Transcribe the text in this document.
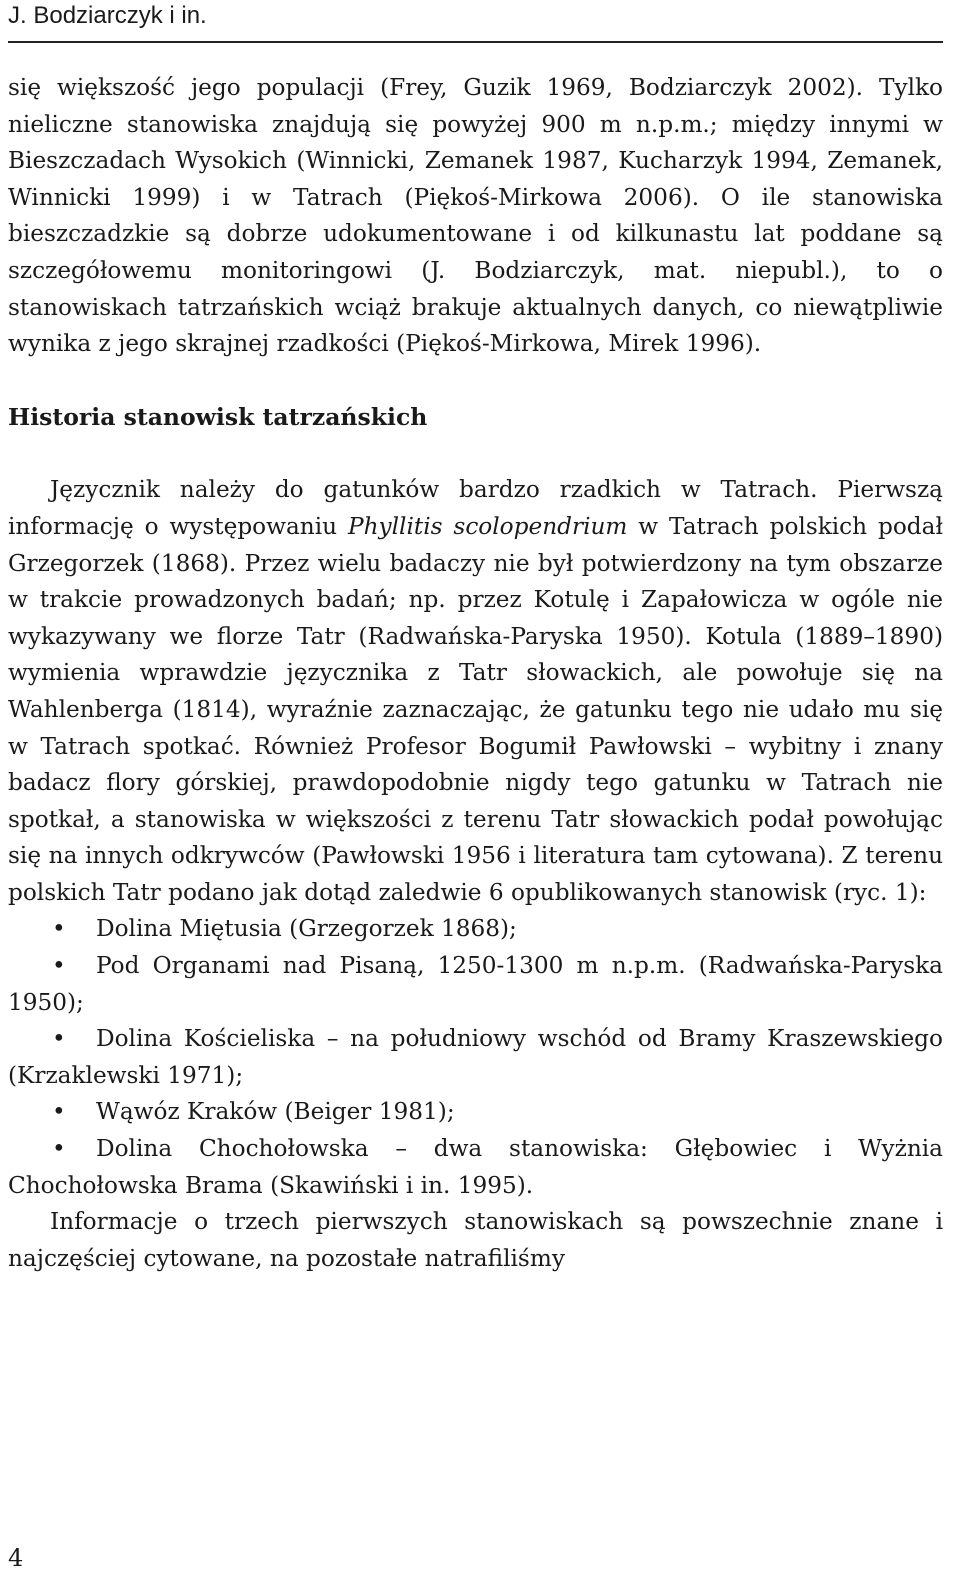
J. Bodziarczyk i in.

się większość jego populacji (Frey, Guzik 1969, Bodziarczyk 2002). Tylko nieliczne stanowiska znajdują się powyżej 900 m n.p.m.; między innymi w Bieszczadach Wysokich (Winnicki, Zemanek 1987, Kucharzyk 1994, Zemanek, Winnicki 1999) i w Tatrach (Piękoś-Mirkowa 2006). O ile stanowiska bieszczadzkie są dobrze udokumentowane i od kilkunastu lat poddane są szczegółowemu monitoringowi (J. Bodziarczyk, mat. niepubl.), to o stanowiskach tatrzańskich wciąż brakuje aktualnych danych, co niewątpliwie wynika z jego skrajnej rzadkości (Piękoś-Mirkowa, Mirek 1996).

Historia stanowisk tatrzańskich

Języcznik należy do gatunków bardzo rzadkich w Tatrach. Pierwszą informację o występowaniu Phyllitis scolopendrium w Tatrach polskich podał Grzegorzek (1868). Przez wielu badaczy nie był potwierdzony na tym obszarze w trakcie prowadzonych badań; np. przez Kotulę i Zapałowicza w ogóle nie wykazywany we florze Tatr (Radwańska-Paryska 1950). Kotula (1889–1890) wymienia wprawdzie języcznika z Tatr słowackich, ale powołuje się na Wahlenberga (1814), wyraźnie zaznaczając, że gatunku tego nie udało mu się w Tatrach spotkać. Również Profesor Bogumił Pawłowski – wybitny i znany badacz flory górskiej, prawdopodobnie nigdy tego gatunku w Tatrach nie spotkał, a stanowiska w większości z terenu Tatr słowackich podał powołując się na innych odkrywców (Pawłowski 1956 i literatura tam cytowana). Z terenu polskich Tatr podano jak dotąd zaledwie 6 opublikowanych stanowisk (ryc. 1):

• Dolina Miętusia (Grzegorzek 1868);

• Pod Organami nad Pisaną, 1250-1300 m n.p.m. (Radwańska-Paryska 1950);

• Dolina Kościeliska – na południowy wschód od Bramy Kraszewskiego (Krzaklewski 1971);

• Wąwóz Kraków (Beiger 1981);

• Dolina Chochołowska – dwa stanowiska: Głębowiec i Wyżnia Chochołowska Brama (Skawiński i in. 1995).

Informacje o trzech pierwszych stanowiskach są powszechnie znane i najczęściej cytowane, na pozostałe natrafiliśmy

4
